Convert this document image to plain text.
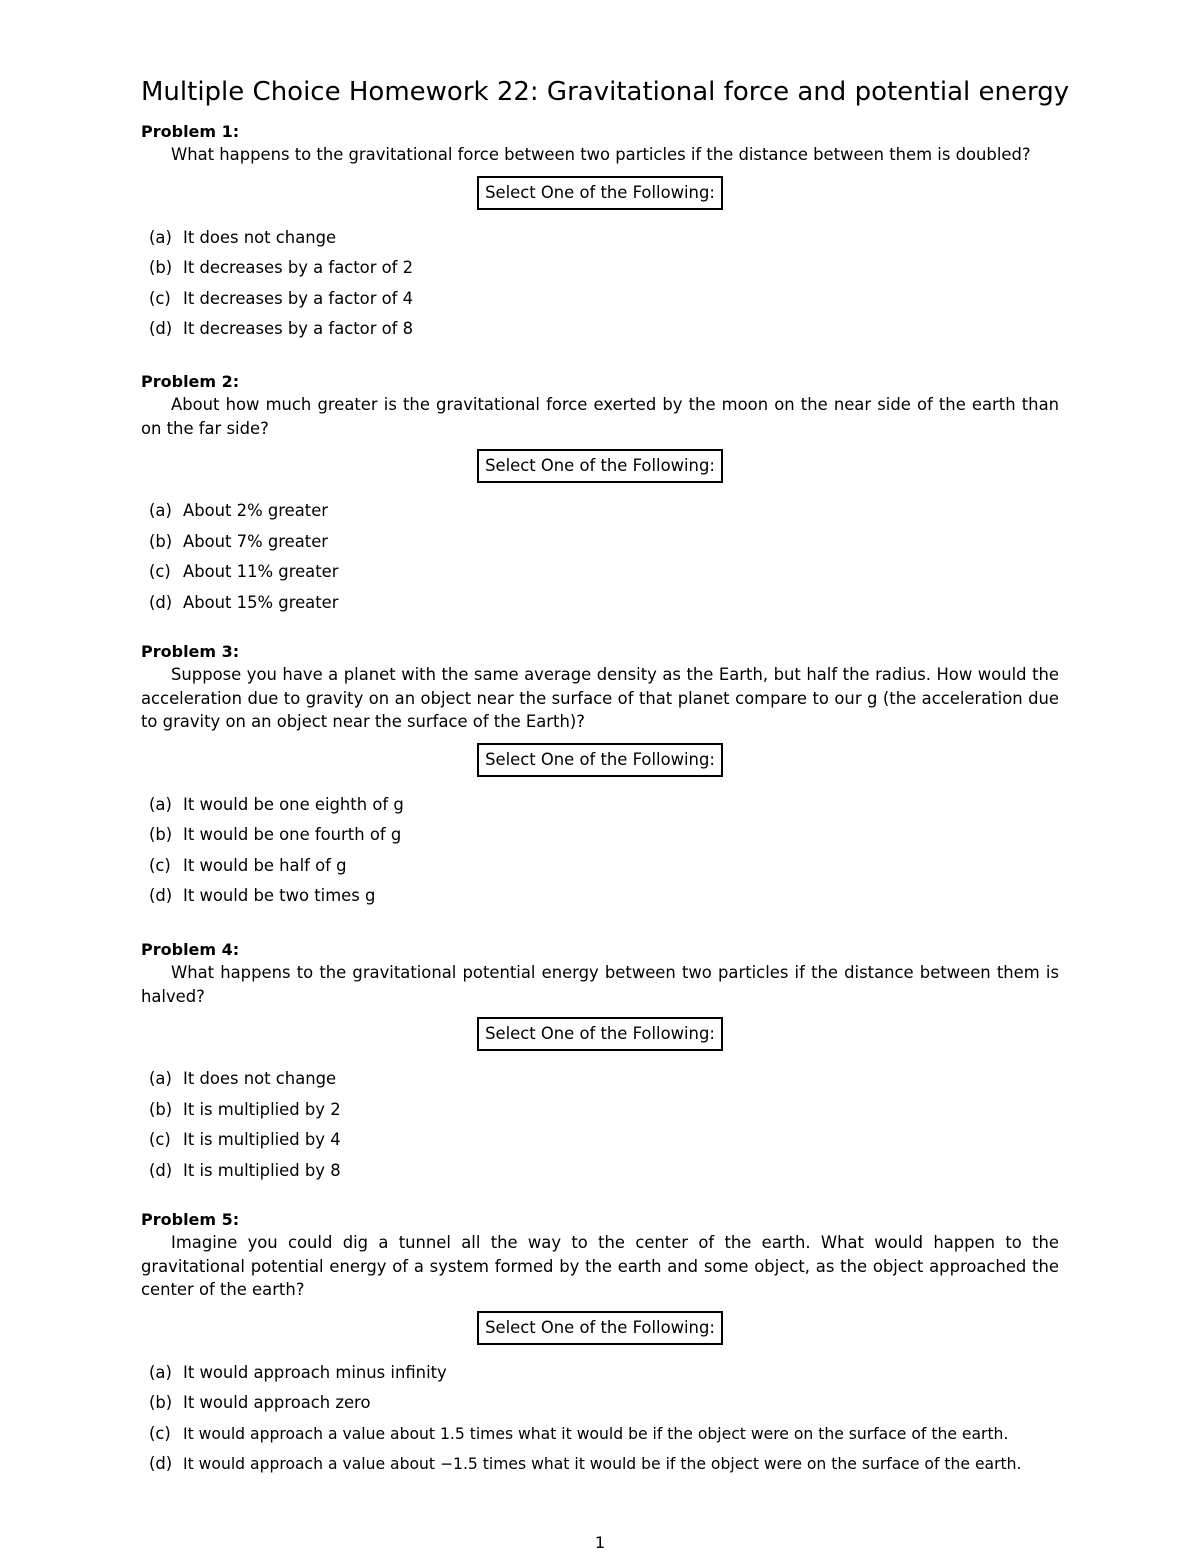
Multiple Choice Homework 22: Gravitational force and potential energy
Problem 1:

What happens to the gravitational force between two particles if the distance between them is doubled?

Select One of the Following:
(a) It does not change
(b) It decreases by a factor of 2
(c) It decreases by a factor of 4
(d) It decreases by a factor of 8
Problem 2:

About how much greater is the gravitational force exerted by the moon on the near side of the earth than on the far side?

Select One of the Following:
(a) About 2% greater
(b) About 7% greater
(c) About 11% greater
(d) About 15% greater
Problem 3:

Suppose you have a planet with the same average density as the Earth, but half the radius. How would the acceleration due to gravity on an object near the surface of that planet compare to our g (the acceleration due to gravity on an object near the surface of the Earth)?

Select One of the Following:
(a) It would be one eighth of g
(b) It would be one fourth of g
(c) It would be half of g
(d) It would be two times g
Problem 4:

What happens to the gravitational potential energy between two particles if the distance between them is halved?

Select One of the Following:
(a) It does not change
(b) It is multiplied by 2
(c) It is multiplied by 4
(d) It is multiplied by 8
Problem 5:

Imagine you could dig a tunnel all the way to the center of the earth. What would happen to the gravitational potential energy of a system formed by the earth and some object, as the object approached the center of the earth?

Select One of the Following:
(a) It would approach minus infinity
(b) It would approach zero
(c) It would approach a value about 1.5 times what it would be if the object were on the surface of the earth.
(d) It would approach a value about −1.5 times what it would be if the object were on the surface of the earth.
1
